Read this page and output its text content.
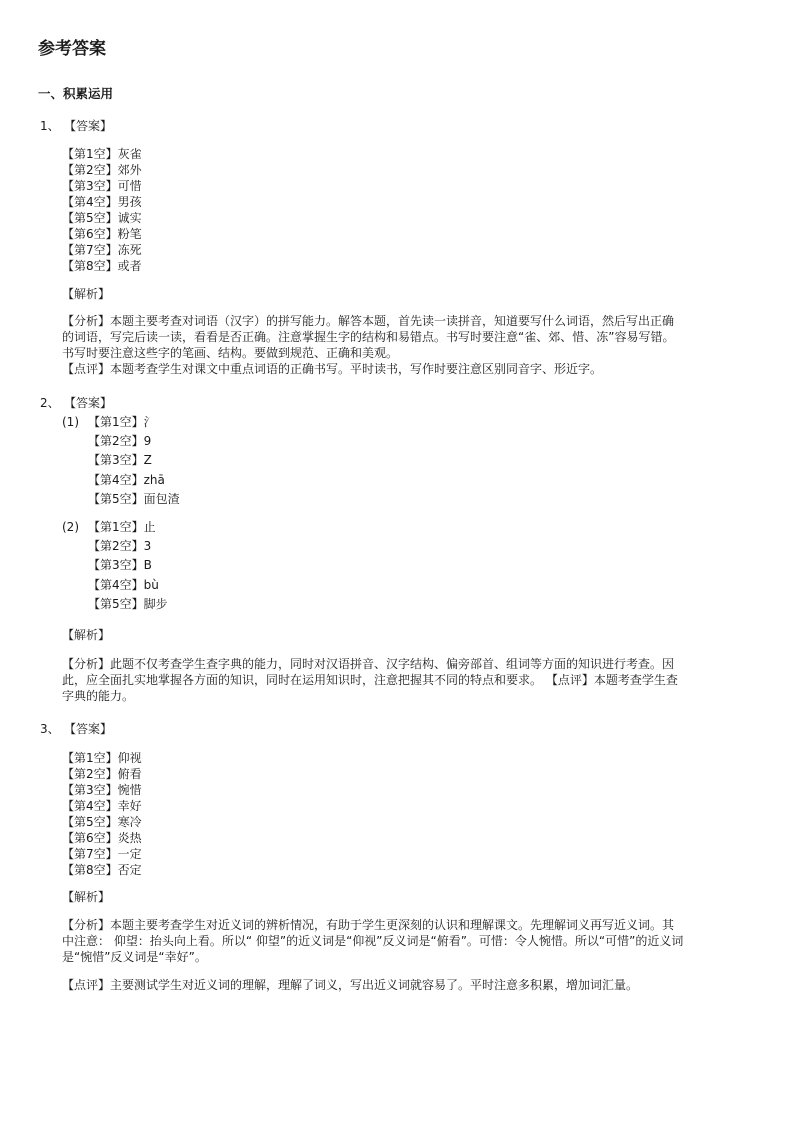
参考答案
一、积累运用
1、 【答案】
【第1空】灰雀
【第2空】郊外
【第3空】可惜
【第4空】男孩
【第5空】诚实
【第6空】粉笔
【第7空】冻死
【第8空】或者
【解析】

【分析】本题主要考查对词语（汉字）的拼写能力。解答本题，首先读一读拼音，知道要写什么词语，然后写出正确

的词语，写完后读一读，看看是否正确。注意掌握生字的结构和易错点。书写时要注意“雀、郊、惜、冻”容易写错。

书写时要注意这些字的笔画、结构。要做到规范、正确和美观。

【点评】本题考查学生对课文中重点词语的正确书写。平时读书，写作时要注意区别同音字、形近字。

2、 【答案】
(1) 【第1空】氵
【第2空】9
【第3空】Z
【第4空】zhā
【第5空】面包渣
(2) 【第1空】止
【第2空】3
【第3空】B
【第4空】bù
【第5空】脚步
【解析】

【分析】此题不仅考查学生查字典的能力，同时对汉语拼音、汉字结构、偏旁部首、组词等方面的知识进行考查。因

此，应全面扎实地掌握各方面的知识，同时在运用知识时，注意把握其不同的特点和要求。 【点评】本题考查学生查

字典的能力。

3、 【答案】
【第1空】仰视
【第2空】俯看
【第3空】惋惜
【第4空】幸好
【第5空】寒冷
【第6空】炎热
【第7空】一定
【第8空】否定
【解析】

【分析】本题主要考查学生对近义词的辨析情况，有助于学生更深刻的认识和理解课文。先理解词义再写近义词。其

中注意： 仰望：抬头向上看。所以“ 仰望”的近义词是“仰视”反义词是“俯看”。可惜：令人惋惜。所以“可惜”的近义词

是“惋惜”反义词是“幸好”。

【点评】主要测试学生对近义词的理解，理解了词义，写出近义词就容易了。平时注意多积累，增加词汇量。
